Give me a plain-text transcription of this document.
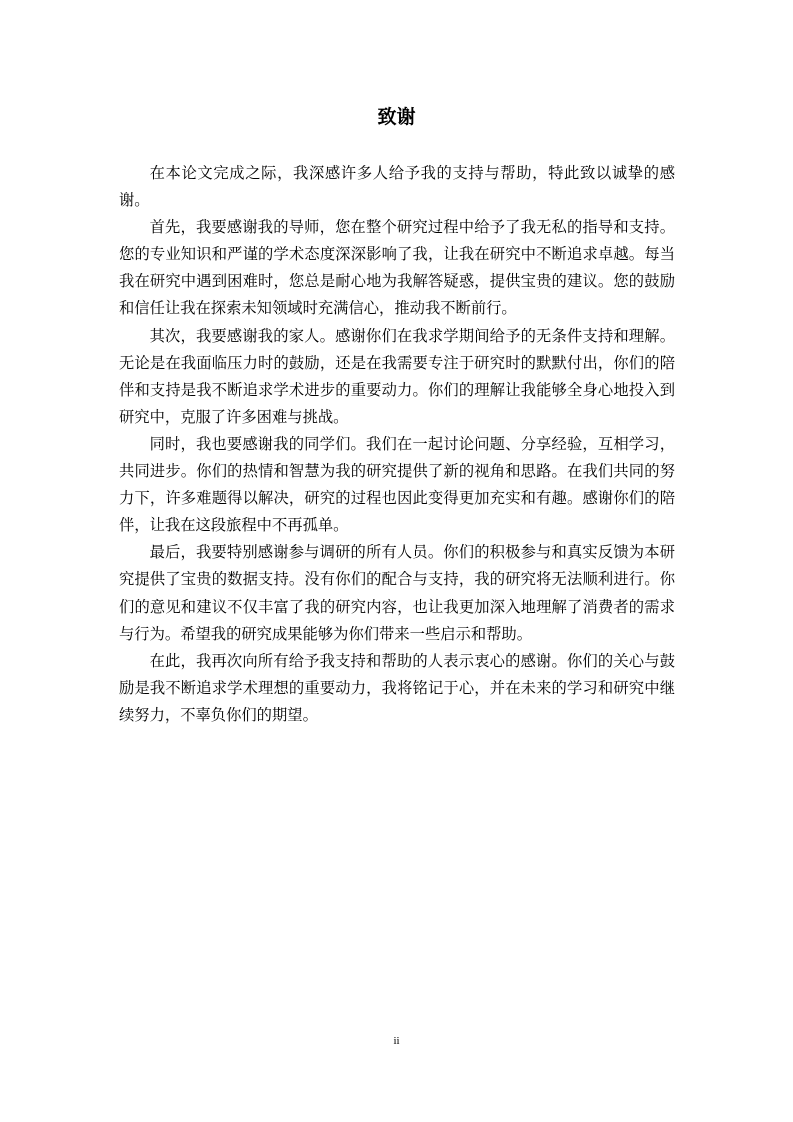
致谢

在本论文完成之际，我深感许多人给予我的支持与帮助，特此致以诚挚的感谢。

首先，我要感谢我的导师，您在整个研究过程中给予了我无私的指导和支持。您的专业知识和严谨的学术态度深深影响了我，让我在研究中不断追求卓越。每当我在研究中遇到困难时，您总是耐心地为我解答疑惑，提供宝贵的建议。您的鼓励和信任让我在探索未知领域时充满信心，推动我不断前行。

其次，我要感谢我的家人。感谢你们在我求学期间给予的无条件支持和理解。无论是在我面临压力时的鼓励，还是在我需要专注于研究时的默默付出，你们的陪伴和支持是我不断追求学术进步的重要动力。你们的理解让我能够全身心地投入到研究中，克服了许多困难与挑战。

同时，我也要感谢我的同学们。我们在一起讨论问题、分享经验，互相学习，共同进步。你们的热情和智慧为我的研究提供了新的视角和思路。在我们共同的努力下，许多难题得以解决，研究的过程也因此变得更加充实和有趣。感谢你们的陪伴，让我在这段旅程中不再孤单。

最后，我要特别感谢参与调研的所有人员。你们的积极参与和真实反馈为本研究提供了宝贵的数据支持。没有你们的配合与支持，我的研究将无法顺利进行。你们的意见和建议不仅丰富了我的研究内容，也让我更加深入地理解了消费者的需求与行为。希望我的研究成果能够为你们带来一些启示和帮助。

在此，我再次向所有给予我支持和帮助的人表示衷心的感谢。你们的关心与鼓励是我不断追求学术理想的重要动力，我将铭记于心，并在未来的学习和研究中继续努力，不辜负你们的期望。

ii
